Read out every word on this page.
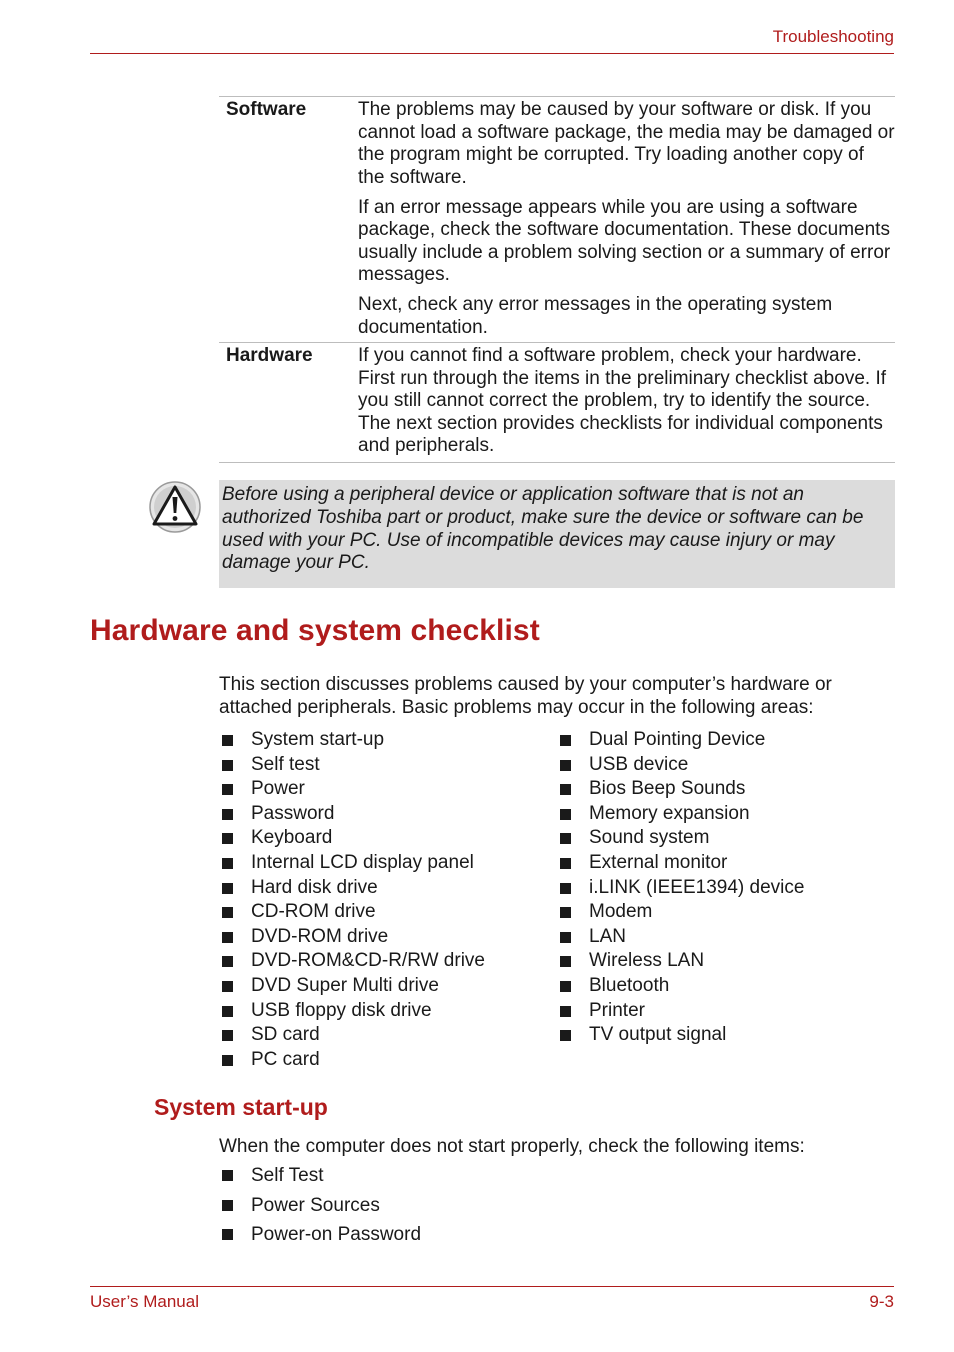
Troubleshooting
Software	The problems may be caused by your software or disk. If you cannot load a software package, the media may be damaged or the program might be corrupted. Try loading another copy of the software.

If an error message appears while you are using a software package, check the software documentation. These documents usually include a problem solving section or a summary of error messages.

Next, check any error messages in the operating system documentation.

Hardware	If you cannot find a software problem, check your hardware. First run through the items in the preliminary checklist above. If you still cannot correct the problem, try to identify the source. The next section provides checklists for individual components and peripherals.

Before using a peripheral device or application software that is not an authorized Toshiba part or product, make sure the device or software can be used with your PC. Use of incompatible devices may cause injury or may damage your PC.
Hardware and system checklist

This section discusses problems caused by your computer’s hardware or attached peripherals. Basic problems may occur in the following areas:

System start-up
Self test
Power
Password
Keyboard
Internal LCD display panel
Hard disk drive
CD-ROM drive
DVD-ROM drive
DVD-ROM&CD-R/RW drive
DVD Super Multi drive
USB floppy disk drive
SD card
PC card
Dual Pointing Device
USB device
Bios Beep Sounds
Memory expansion
Sound system
External monitor
i.LINK (IEEE1394) device
Modem
LAN
Wireless LAN
Bluetooth
Printer
TV output signal
System start-up

When the computer does not start properly, check the following items:

Self Test
Power Sources
Power-on Password
User’s Manual	9-3
